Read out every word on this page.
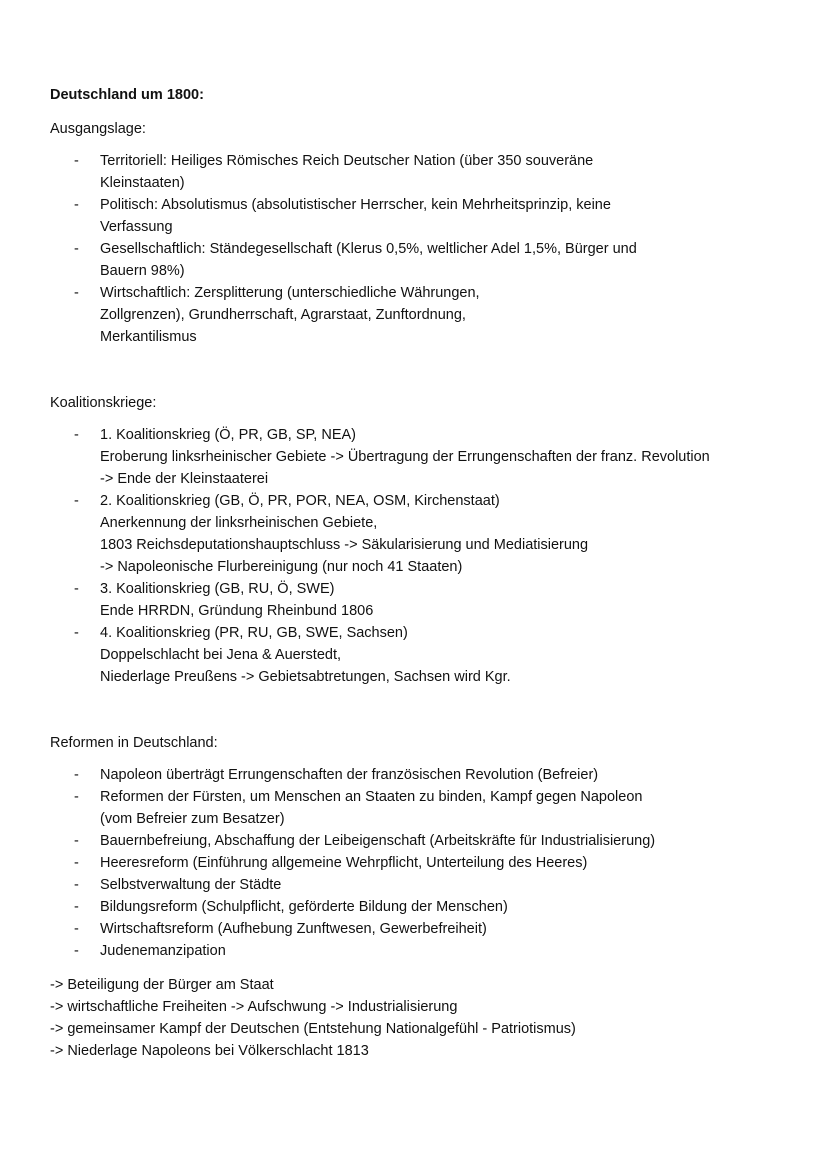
Deutschland um 1800:
Ausgangslage:
- Territoriell: Heiliges Römisches Reich Deutscher Nation (über 350 souveräne
Kleinstaaten)
- Politisch: Absolutismus (absolutistischer Herrscher, kein Mehrheitsprinzip, keine
Verfassung
- Gesellschaftlich: Ständegesellschaft (Klerus 0,5%, weltlicher Adel 1,5%, Bürger und
Bauern 98%)
- Wirtschaftlich: Zersplitterung (unterschiedliche Währungen,
Zollgrenzen), Grundherrschaft, Agrarstaat, Zunftordnung,
Merkantilismus
Koalitionskriege:
- 1. Koalitionskrieg (Ö, PR, GB, SP, NEA)
Eroberung linksrheinischer Gebiete -> Übertragung der Errungenschaften der franz. Revolution
-> Ende der Kleinstaaterei
- 2. Koalitionskrieg (GB, Ö, PR, POR, NEA, OSM, Kirchenstaat)
Anerkennung der linksrheinischen Gebiete,
1803 Reichsdeputationshauptschluss -> Säkularisierung und Mediatisierung
-> Napoleonische Flurbereinigung (nur noch 41 Staaten)
- 3. Koalitionskrieg (GB, RU, Ö, SWE)
Ende HRRDN, Gründung Rheinbund 1806
- 4. Koalitionskrieg (PR, RU, GB, SWE, Sachsen)
Doppelschlacht bei Jena & Auerstedt,
Niederlage Preußens -> Gebietsabtretungen, Sachsen wird Kgr.
Reformen in Deutschland:
- Napoleon überträgt Errungenschaften der französischen Revolution (Befreier)
- Reformen der Fürsten, um Menschen an Staaten zu binden, Kampf gegen Napoleon
(vom Befreier zum Besatzer)
- Bauernbefreiung, Abschaffung der Leibeigenschaft (Arbeitskräfte für Industrialisierung)
- Heeresreform (Einführung allgemeine Wehrpflicht, Unterteilung des Heeres)
- Selbstverwaltung der Städte
- Bildungsreform (Schulpflicht, geförderte Bildung der Menschen)
- Wirtschaftsreform (Aufhebung Zunftwesen, Gewerbefreiheit)
- Judenemanzipation
-> Beteiligung der Bürger am Staat
-> wirtschaftliche Freiheiten -> Aufschwung -> Industrialisierung
-> gemeinsamer Kampf der Deutschen (Entstehung Nationalgefühl - Patriotismus)
-> Niederlage Napoleons bei Völkerschlacht 1813
